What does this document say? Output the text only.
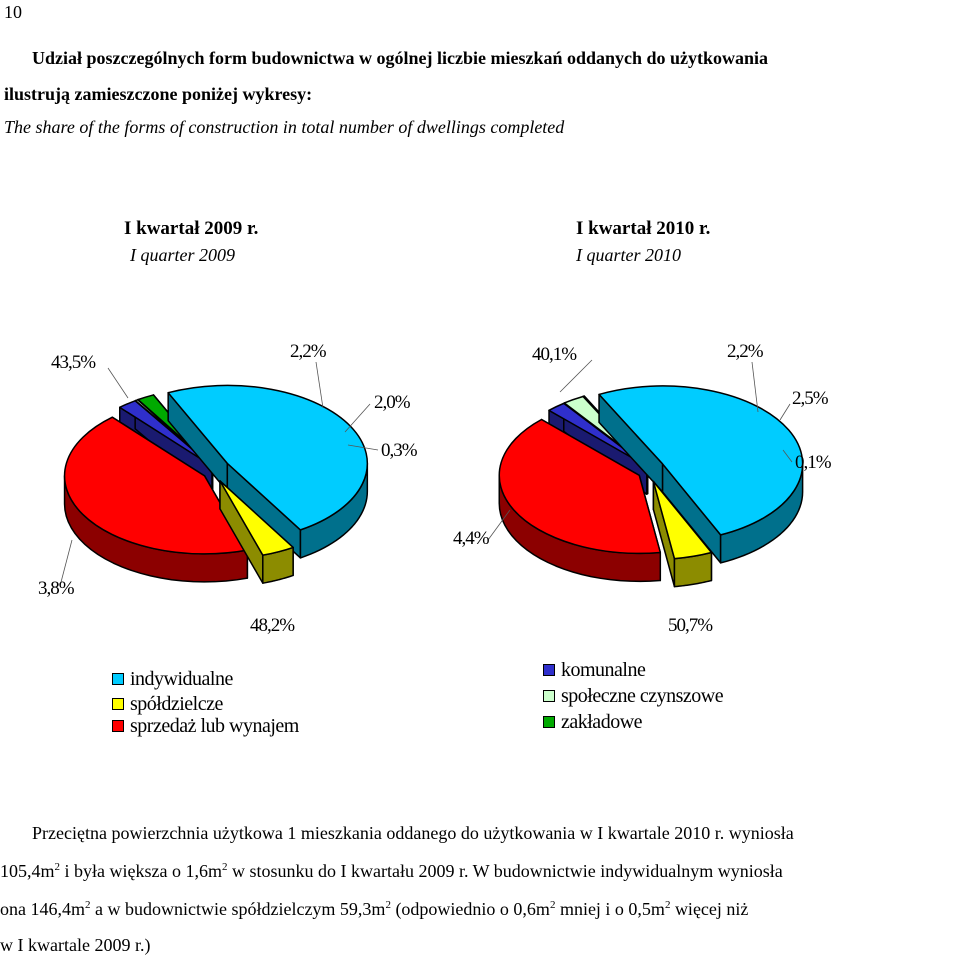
10
Udział poszczególnych form budownictwa w ogólnej liczbie mieszkań oddanych do użytkowania
ilustrują zamieszczone poniżej wykresy:
The share of the forms of construction in total number of dwellings completed
I kwartał 2009 r.
I quarter 2009
I kwartał 2010 r.
I quarter 2010
43,5%
2,2%
2,0%
0,3%
3,8%
48,2%
40,1%	2,2%
2,5%
0,1%
4,4%
50,7%
indywidualne
spółdzielcze
sprzedaż lub wynajem
komunalne
społeczne czynszowe
zakładowe
Przeciętna powierzchnia użytkowa 1 mieszkania oddanego do użytkowania w I kwartale 2010 r. wyniosła
$105,4m^2$ i była większa o $1,6m^2$ w stosunku do I kwartału 2009 r. W budownictwie indywidualnym wyniosła
ona $146,4m^2$ a w budownictwie spółdzielczym $59,3m^2$ (odpowiednio o $0,6m^2$ mniej i o $0,5m^2$ więcej niż
w I kwartale 2009 r.)
